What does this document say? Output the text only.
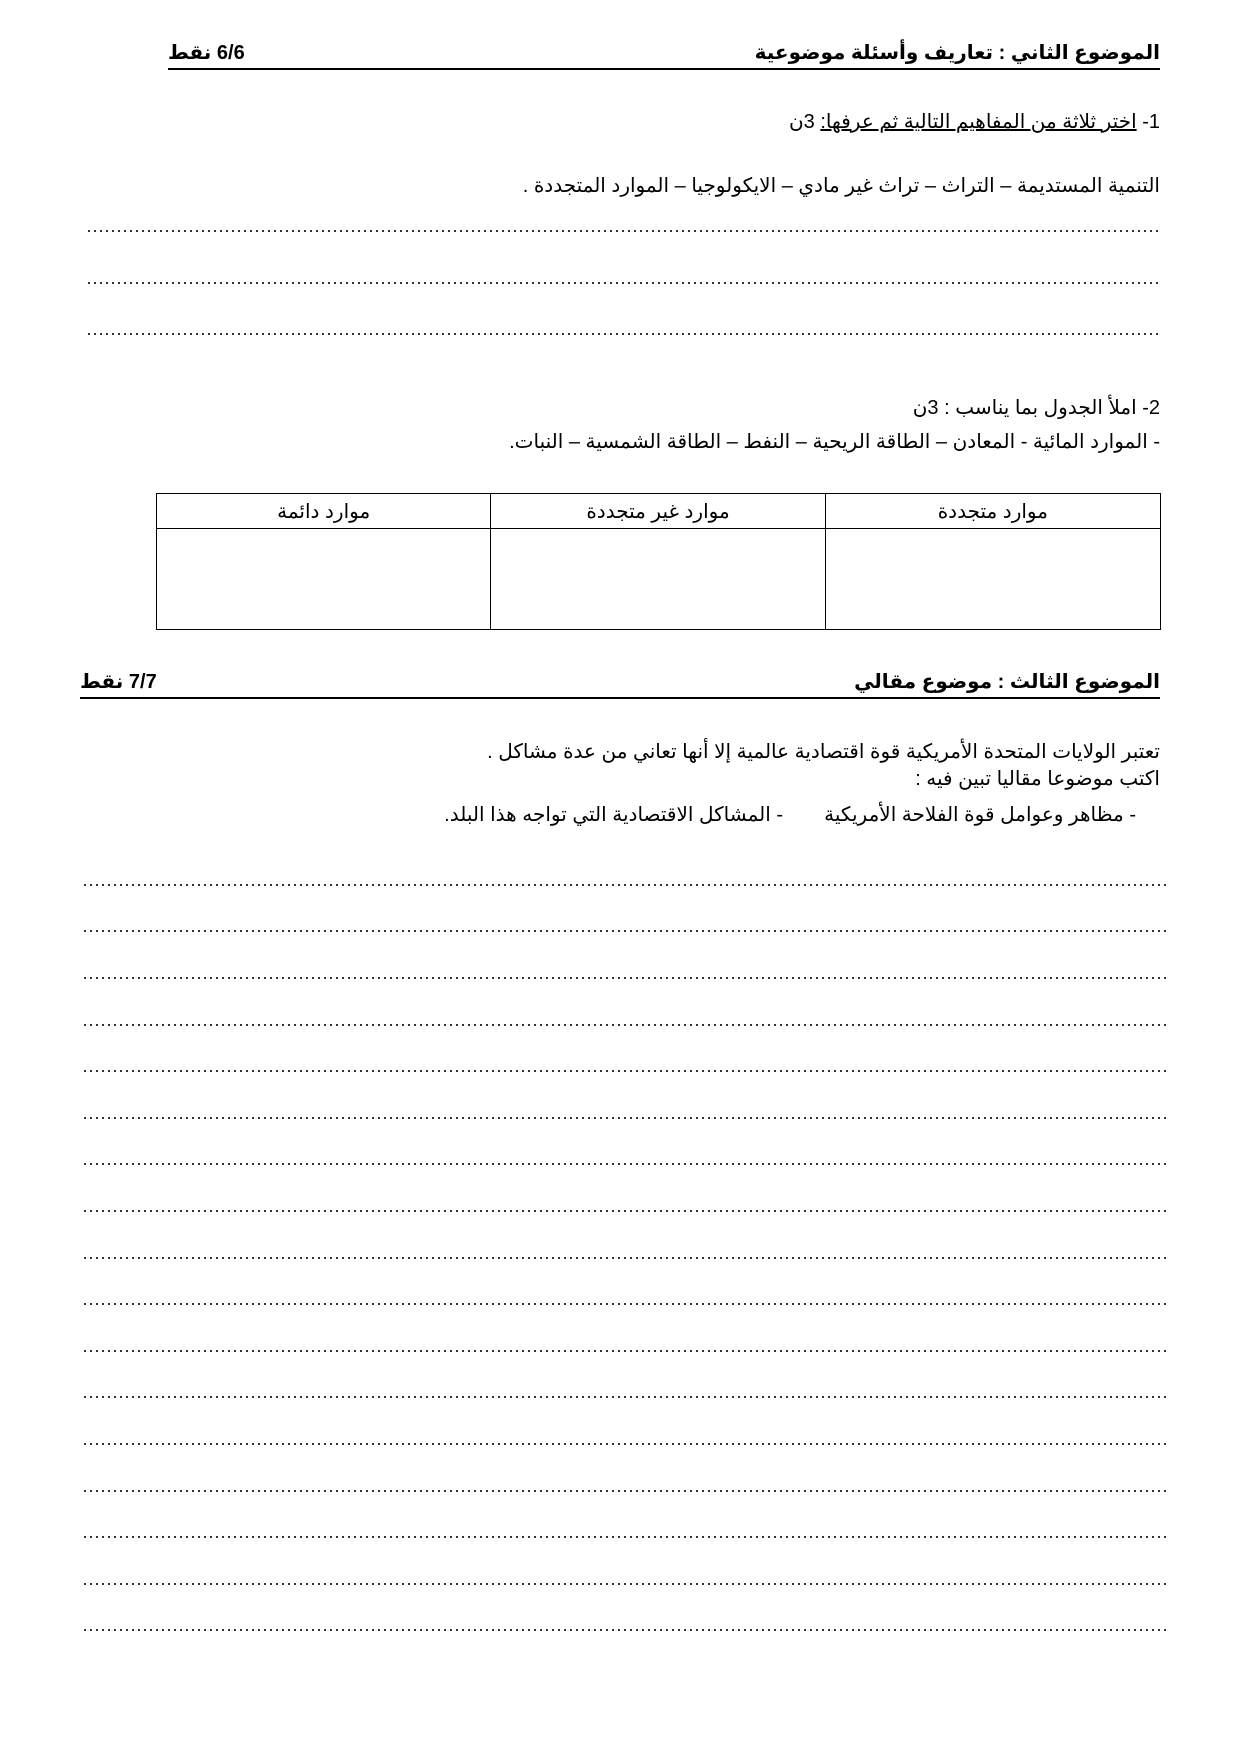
الموضوع الثاني : تعاريف وأسئلة موضوعية
6/6 نقط
1- اختر ثلاثة من المفاهيم التالية ثم عرفها: 3ن
التنمية المستديمة – التراث – تراث غير مادي – الايكولوجيا – الموارد المتجددة .
2- املأ الجدول بما يناسب : 3ن
- الموارد المائية - المعادن – الطاقة الريحية – النفط – الطاقة الشمسية – النبات.
موارد متجددة	موارد غير متجددة	موارد دائمة

الموضوع الثالث : موضوع مقالي
7/7 نقط
تعتبر الولايات المتحدة الأمريكية قوة اقتصادية عالمية إلا أنها تعاني من عدة مشاكل .
اكتب موضوعا مقاليا تبين فيه :
- مظاهر وعوامل قوة الفلاحة الأمريكية  - المشاكل الاقتصادية التي تواجه هذا البلد.
